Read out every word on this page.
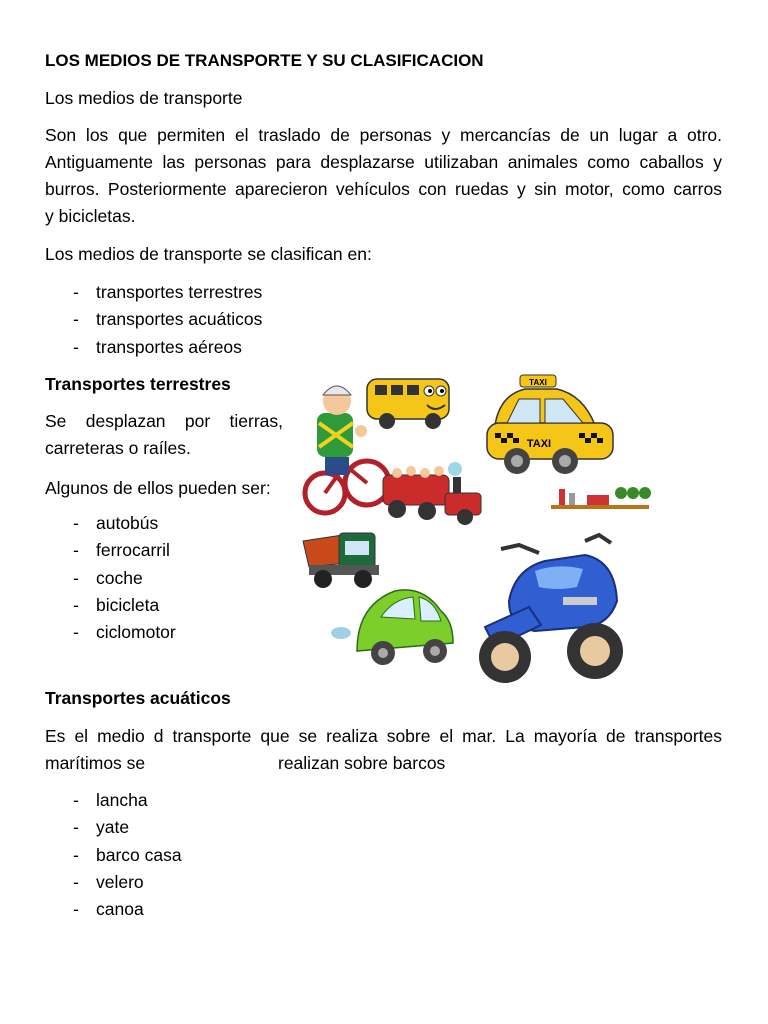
LOS MEDIOS DE TRANSPORTE Y SU CLASIFICACION

Los medios de transporte

Son los que permiten el traslado de personas y mercancías de un lugar a otro.

Antiguamente las personas para desplazarse utilizaban animales como caballos y

burros. Posteriormente aparecieron vehículos con ruedas y sin motor, como carros

y bicicletas.

Los medios de transporte se clasifican en:

- transportes terrestres
- transportes acuáticos
- transportes aéreos

Transportes terrestres

Se desplazan por tierras,

carreteras o raíles.

Algunos de ellos pueden ser:

- autobús
- ferrocarril
- coche
- bicicleta
- ciclomotor
TAXI
TAXI

Transportes acuáticos

Es el medio d transporte que se realiza sobre el mar. La mayoría de transportes

marítimos se	realizan sobre barcos

- lancha
- yate
- barco casa
- velero
- canoa
